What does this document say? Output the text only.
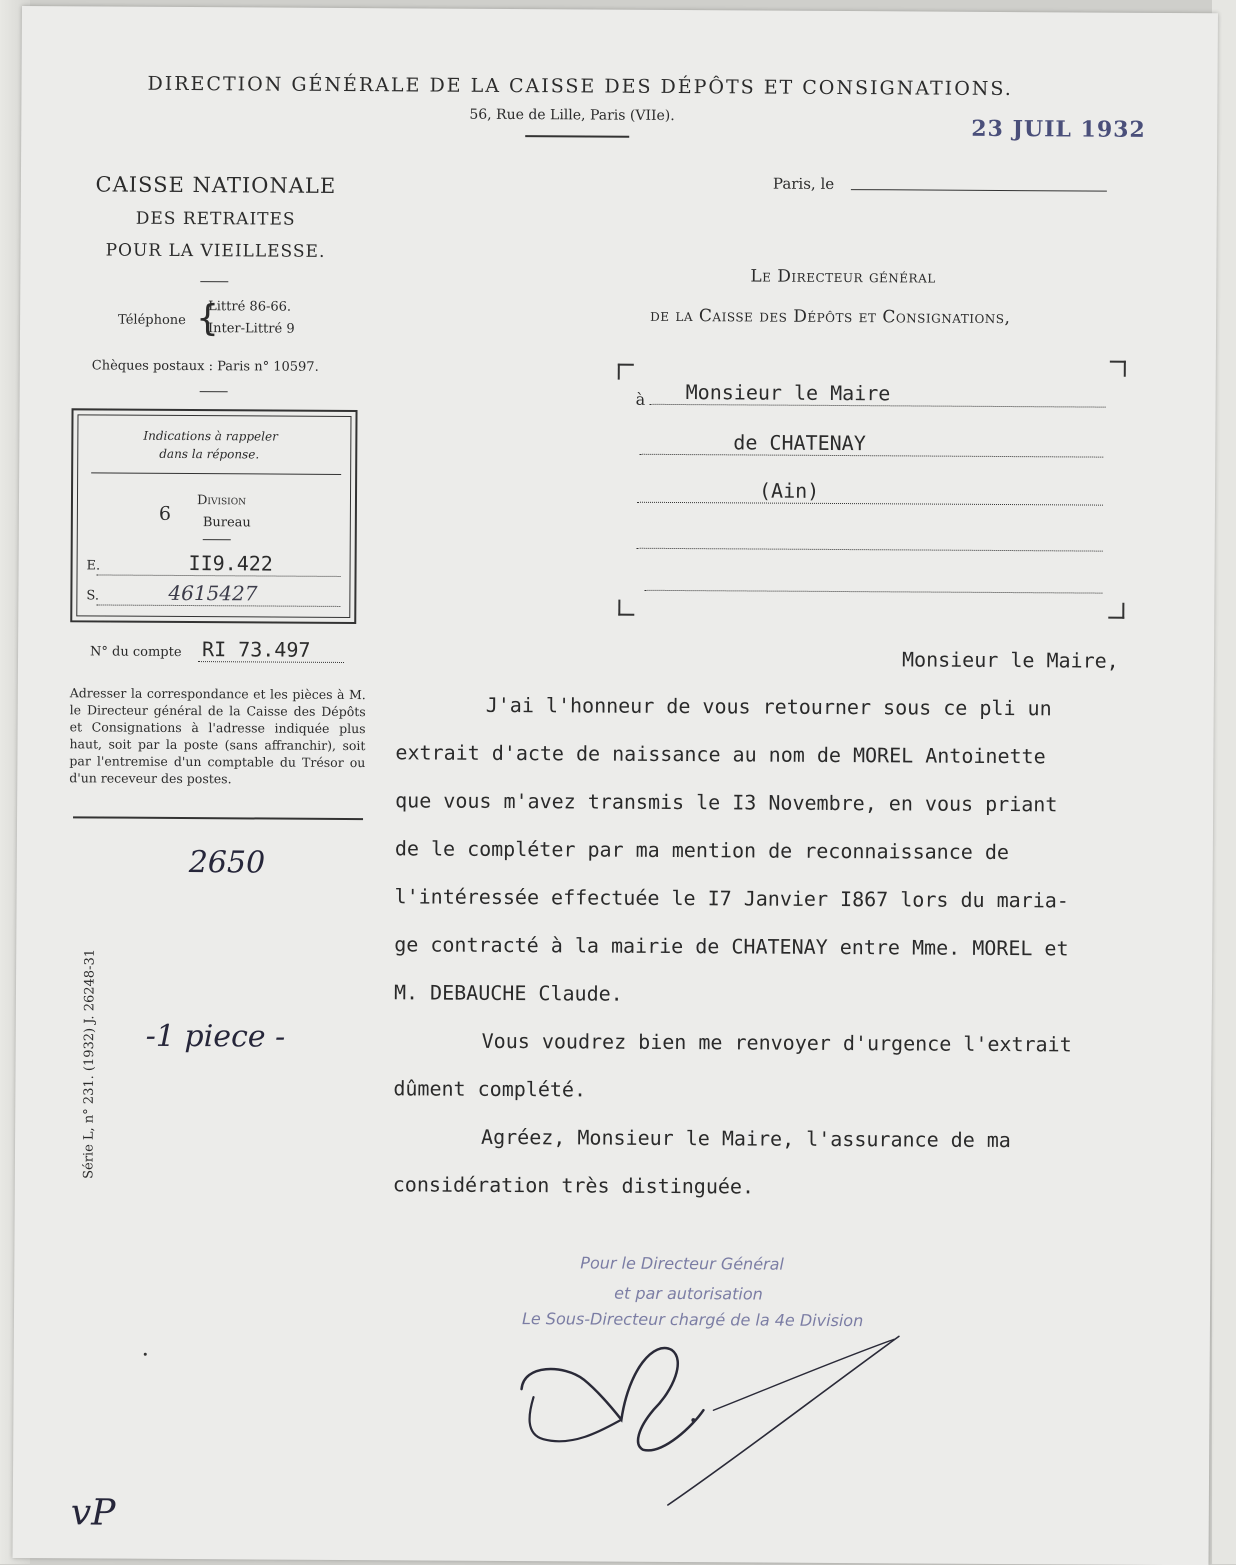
DIRECTION GÉNÉRALE DE LA CAISSE DES DÉPÔTS ET CONSIGNATIONS.
56, Rue de Lille, Paris (VIIe).
23 JUIL 1932
CAISSE NATIONALE
DES RETRAITES
POUR LA VIEILLESSE.
Téléphone {
Littré 86-66.
Inter-Littré 9
Chèques postaux : Paris n° 10597.
Indications à rappeler
dans la réponse.
6
Division
Bureau
E.	II9.422
S.	4615427
N° du compte RI 73.497
Adresser la correspondance et les pièces à M. le Directeur général de la Caisse des Dépôts et Consignations à l'adresse indiquée plus haut, soit par la poste (sans affranchir), soit par l'entremise d'un comptable du Trésor ou d'un receveur des postes.
2650
-1 piece -
vP
Série L, n° 231. (1932) J. 26248-31
Paris, le
Le Directeur général
de la Caisse des Dépôts et Consignations,
à Monsieur le Maire
de CHATENAY
(Ain)
Monsieur le Maire,
J'ai l'honneur de vous retourner sous ce pli un
extrait d'acte de naissance au nom de MOREL Antoinette
que vous m'avez transmis le I3 Novembre, en vous priant
de le compléter par ma mention de reconnaissance de
l'intéressée effectuée le I7 Janvier I867 lors du maria-
ge contracté à la mairie de CHATENAY entre Mme. MOREL et
M. DEBAUCHE Claude.
Vous voudrez bien me renvoyer d'urgence l'extrait
dûment complété.
Agréez, Monsieur le Maire, l'assurance de ma
considération très distinguée.
Pour le Directeur Général
et par autorisation
Le Sous-Directeur chargé de la 4e Division
